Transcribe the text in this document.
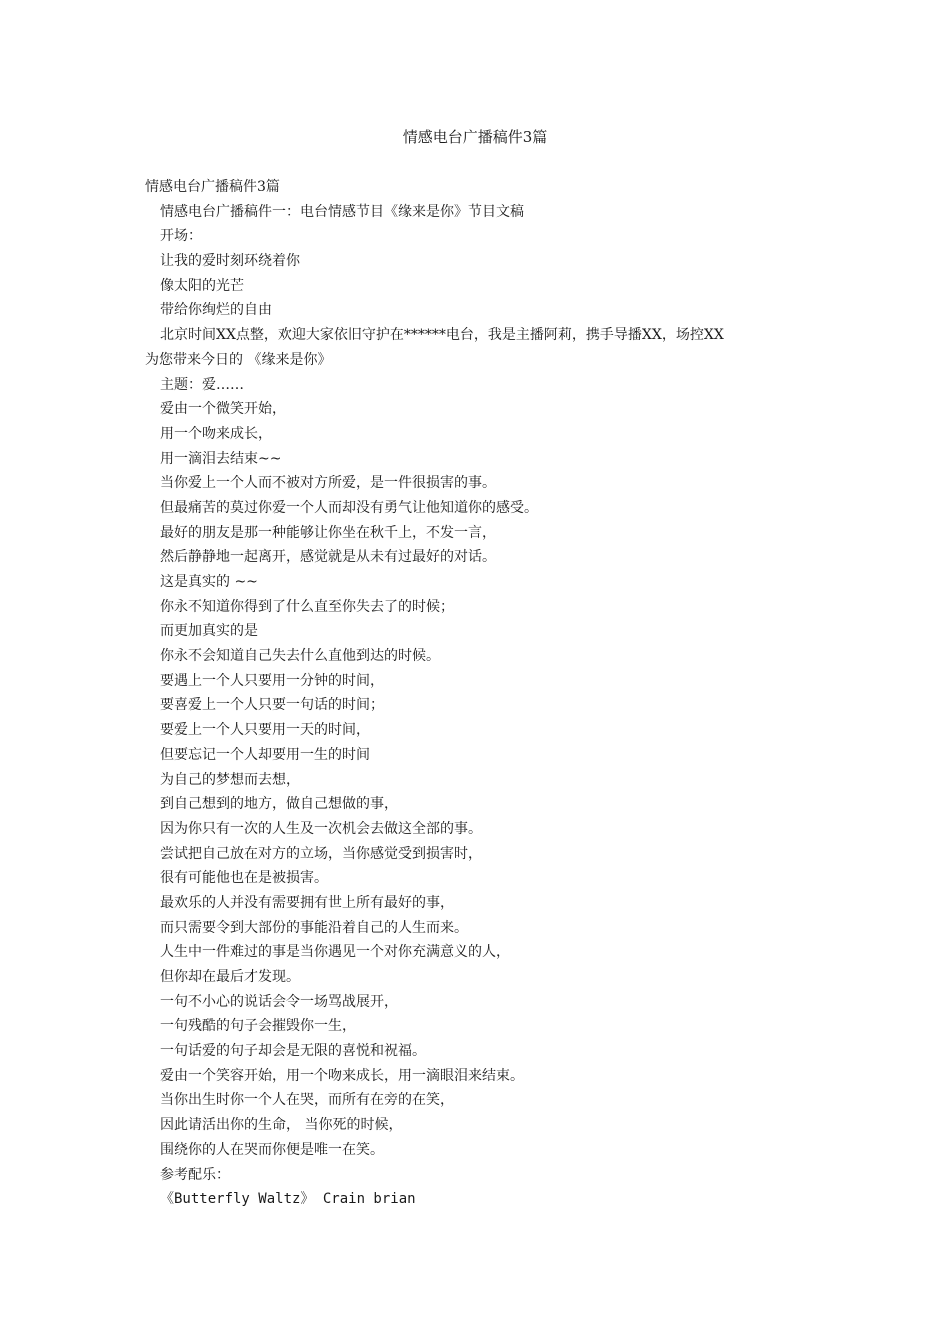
情感电台广播稿件3篇
情感电台广播稿件3篇
情感电台广播稿件一：电台情感节目《缘来是你》节目文稿
开场：
让我的爱时刻环绕着你
像太阳的光芒
带给你绚烂的自由
北京时间XX点整，欢迎大家依旧守护在******电台，我是主播阿莉，携手导播XX，场控XX
为您带来今日的 《缘来是你》
主题：爱……
爱由一个微笑开始，
用一个吻来成长，
用一滴泪去结束~~
当你爱上一个人而不被对方所爱，是一件很损害的事。
但最痛苦的莫过你爱一个人而却没有勇气让他知道你的感受。
最好的朋友是那一种能够让你坐在秋千上，不发一言，
然后静静地一起离开，感觉就是从未有过最好的对话。
这是真实的 ~~
你永不知道你得到了什么直至你失去了的时候；
而更加真实的是
你永不会知道自己失去什么直他到达的时候。
要遇上一个人只要用一分钟的时间，
要喜爱上一个人只要一句话的时间；
要爱上一个人只要用一天的时间，
但要忘记一个人却要用一生的时间
为自己的梦想而去想，
到自己想到的地方，做自己想做的事，
因为你只有一次的人生及一次机会去做这全部的事。
尝试把自己放在对方的立场，当你感觉受到损害时，
很有可能他也在是被损害。
最欢乐的人并没有需要拥有世上所有最好的事，
而只需要令到大部份的事能沿着自己的人生而来。
人生中一件难过的事是当你遇见一个对你充满意义的人，
但你却在最后才发现。
一句不小心的说话会令一场骂战展开，
一句残酷的句子会摧毁你一生，
一句话爱的句子却会是无限的喜悦和祝福。
爱由一个笑容开始，用一个吻来成长，用一滴眼泪来结束。
当你出生时你一个人在哭，而所有在旁的在笑，
因此请活出你的生命， 当你死的时候，
围绕你的人在哭而你便是唯一在笑。
参考配乐：
《Butterfly Waltz》 Crain brian
